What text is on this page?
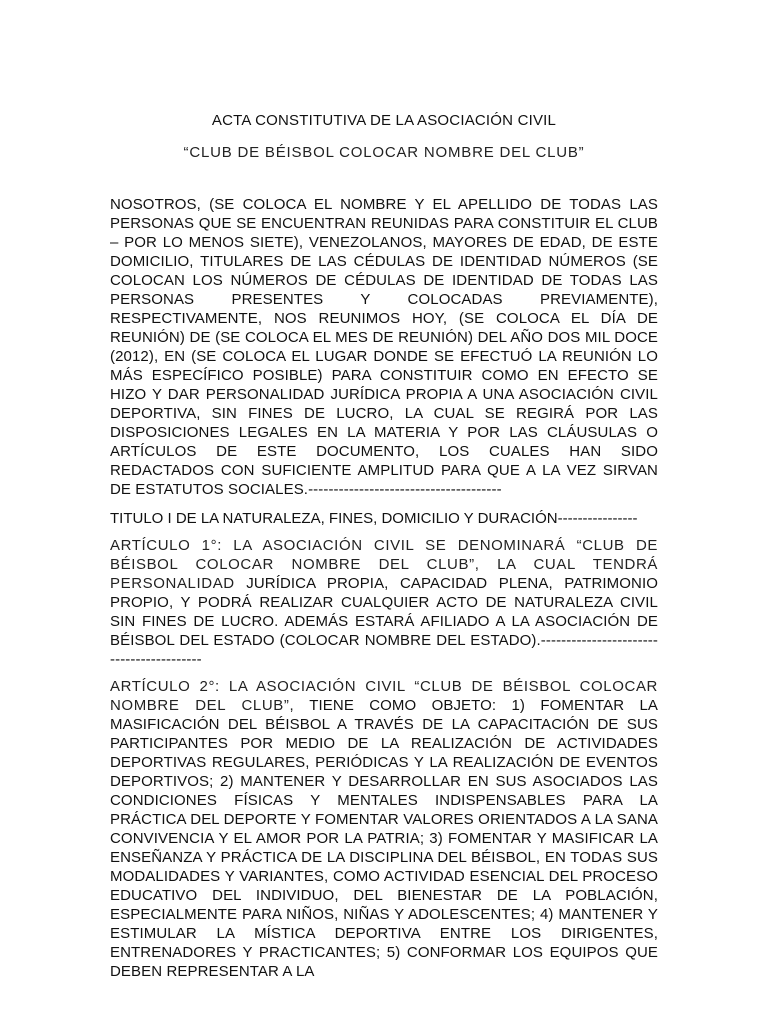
ACTA CONSTITUTIVA DE LA ASOCIACIÓN CIVIL

“CLUB DE BÉISBOL COLOCAR NOMBRE DEL CLUB”

NOSOTROS, (SE COLOCA EL NOMBRE Y EL APELLIDO DE TODAS LAS PERSONAS QUE SE ENCUENTRAN REUNIDAS PARA CONSTITUIR EL CLUB – POR LO MENOS SIETE), VENEZOLANOS, MAYORES DE EDAD, DE ESTE DOMICILIO, TITULARES DE LAS CÉDULAS DE IDENTIDAD NÚMEROS (SE COLOCAN LOS NÚMEROS DE CÉDULAS DE IDENTIDAD DE TODAS LAS PERSONAS PRESENTES Y COLOCADAS PREVIAMENTE), RESPECTIVAMENTE, NOS REUNIMOS HOY, (SE COLOCA EL DÍA DE REUNIÓN) DE (SE COLOCA EL MES DE REUNIÓN) DEL AÑO DOS MIL DOCE (2012), EN (SE COLOCA EL LUGAR DONDE SE EFECTUÓ LA REUNIÓN LO MÁS ESPECÍFICO POSIBLE) PARA CONSTITUIR COMO EN EFECTO SE HIZO Y DAR PERSONALIDAD JURÍDICA PROPIA A UNA ASOCIACIÓN CIVIL DEPORTIVA, SIN FINES DE LUCRO, LA CUAL SE REGIRÁ POR LAS DISPOSICIONES LEGALES EN LA MATERIA Y POR LAS CLÁUSULAS O ARTÍCULOS DE ESTE DOCUMENTO, LOS CUALES HAN SIDO REDACTADOS CON SUFICIENTE AMPLITUD PARA QUE A LA VEZ SIRVAN DE ESTATUTOS SOCIALES.--------------------------------------

TITULO I DE LA NATURALEZA, FINES, DOMICILIO Y DURACIÓN----------------

ARTÍCULO 1°: LA ASOCIACIÓN CIVIL SE DENOMINARÁ “CLUB DE BÉISBOL COLOCAR NOMBRE DEL CLUB”, LA CUAL TENDRÁ PERSONALIDAD JURÍDICA PROPIA, CAPACIDAD PLENA, PATRIMONIO PROPIO, Y PODRÁ REALIZAR CUALQUIER ACTO DE NATURALEZA CIVIL SIN FINES DE LUCRO. ADEMÁS ESTARÁ AFILIADO A LA ASOCIACIÓN DE BÉISBOL DEL ESTADO (COLOCAR NOMBRE DEL ESTADO).-----------------------------------------

ARTÍCULO 2°: LA ASOCIACIÓN CIVIL “CLUB DE BÉISBOL COLOCAR NOMBRE DEL CLUB”, TIENE COMO OBJETO: 1) FOMENTAR LA MASIFICACIÓN DEL BÉISBOL A TRAVÉS DE LA CAPACITACIÓN DE SUS PARTICIPANTES POR MEDIO DE LA REALIZACIÓN DE ACTIVIDADES DEPORTIVAS REGULARES, PERIÓDICAS Y LA REALIZACIÓN DE EVENTOS DEPORTIVOS; 2) MANTENER Y DESARROLLAR EN SUS ASOCIADOS LAS CONDICIONES FÍSICAS Y MENTALES INDISPENSABLES PARA LA PRÁCTICA DEL DEPORTE Y FOMENTAR VALORES ORIENTADOS A LA SANA CONVIVENCIA Y EL AMOR POR LA PATRIA; 3) FOMENTAR Y MASIFICAR LA ENSEÑANZA Y PRÁCTICA DE LA DISCIPLINA DEL BÉISBOL, EN TODAS SUS MODALIDADES Y VARIANTES, COMO ACTIVIDAD ESENCIAL DEL PROCESO EDUCATIVO DEL INDIVIDUO, DEL BIENESTAR DE LA POBLACIÓN, ESPECIALMENTE PARA NIÑOS, NIÑAS Y ADOLESCENTES; 4) MANTENER Y ESTIMULAR LA MÍSTICA DEPORTIVA ENTRE LOS DIRIGENTES, ENTRENADORES Y PRACTICANTES; 5) CONFORMAR LOS EQUIPOS QUE DEBEN REPRESENTAR A LA
